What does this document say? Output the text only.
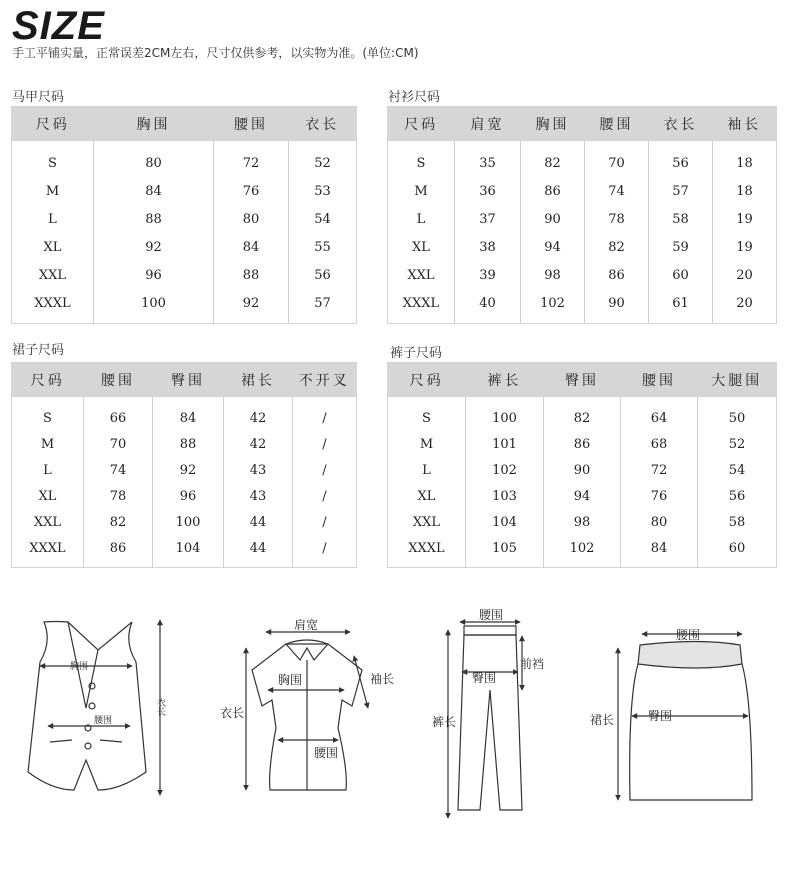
SIZE
手工平铺实量，正常误差2CM左右，尺寸仅供参考，以实物为准。(单位:CM)
马甲尺码
尺码	胸围	腰围	衣长
S	80	72	52
M	84	76	53
L	88	80	54
XL	92	84	55
XXL	96	88	56
XXXL	100	92	57
衬衫尺码
尺码	肩宽	胸围	腰围	衣长	袖长
S	35	82	70	56	18
M	36	86	74	57	18
L	37	90	78	58	19
XL	38	94	82	59	19
XXL	39	98	86	60	20
XXXL	40	102	90	61	20
裙子尺码
尺码	腰围	臀围	裙长	不开叉
S	66	84	42	/
M	70	88	42	/
L	74	92	43	/
XL	78	96	43	/
XXL	82	100	44	/
XXXL	86	104	44	/
裤子尺码
尺码	裤长	臀围	腰围	大腿围
S	100	82	64	50
M	101	86	68	52
L	102	90	72	54
XL	103	94	76	56
XXL	104	98	80	58
XXXL	105	102	84	60
胸围
腰围
衣长
肩宽
胸围	袖长
衣长
腰围
腰围
臀围
前裆
裤长
腰围
臀围
裙长
